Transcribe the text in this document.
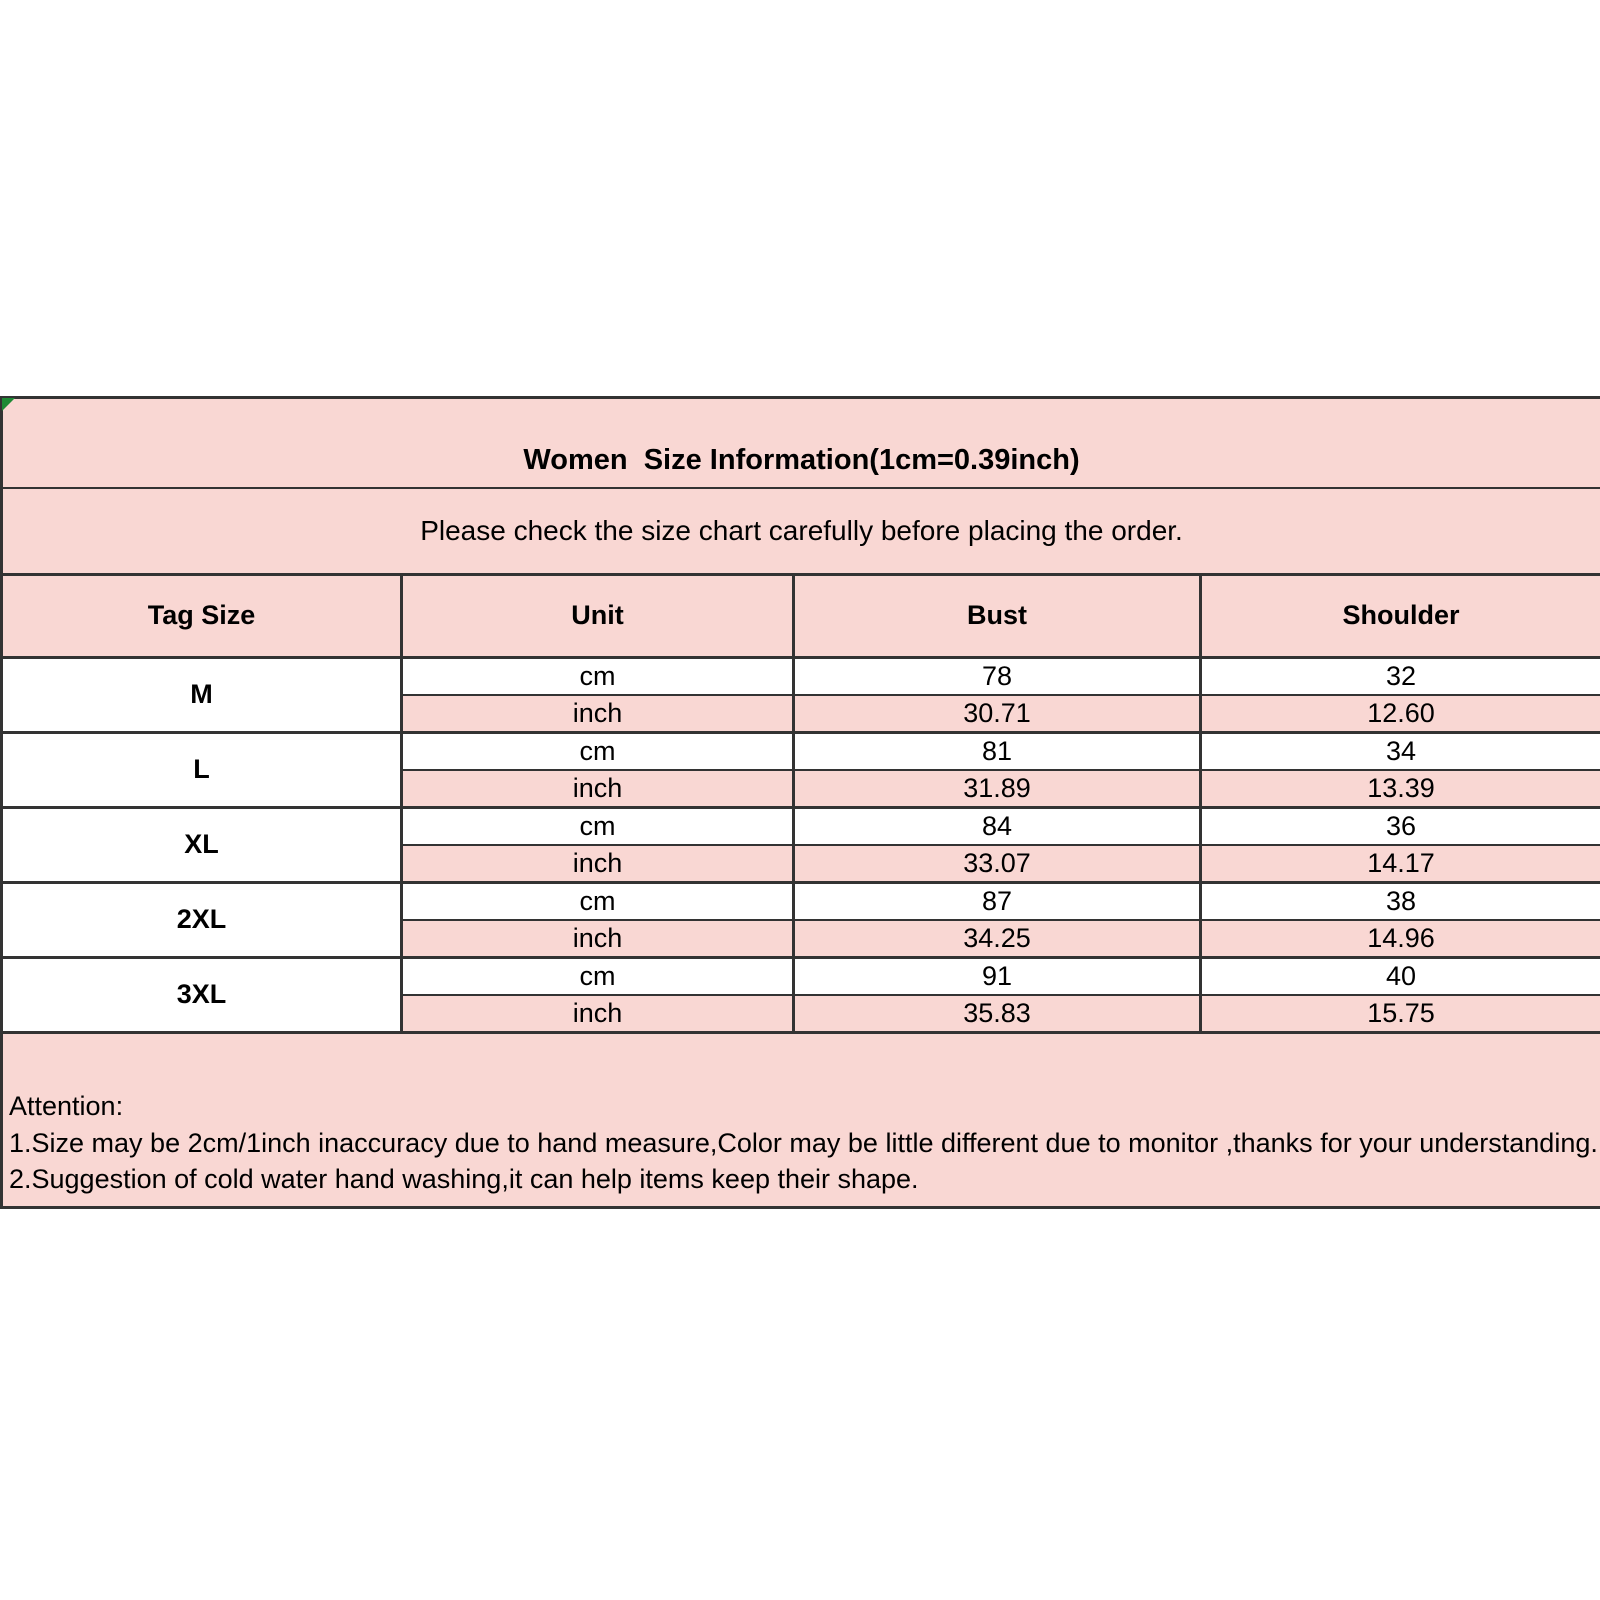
Women  Size Information(1cm=0.39inch)			
Please check the size chart carefully before placing the order.			
Tag Size	Unit	Bust	Shoulder
M	cm	78	32
	inch	30.71	12.60
L	cm	81	34
	inch	31.89	13.39
XL	cm	84	36
	inch	33.07	14.17
2XL	cm	87	38
	inch	34.25	14.96
3XL	cm	91	40
	inch	35.83	15.75

Attention:
1.Size may be 2cm/1inch inaccuracy due to hand measure,Color may be little different due to monitor ,thanks for your understanding.
2.Suggestion of cold water hand washing,it can help items keep their shape.			
